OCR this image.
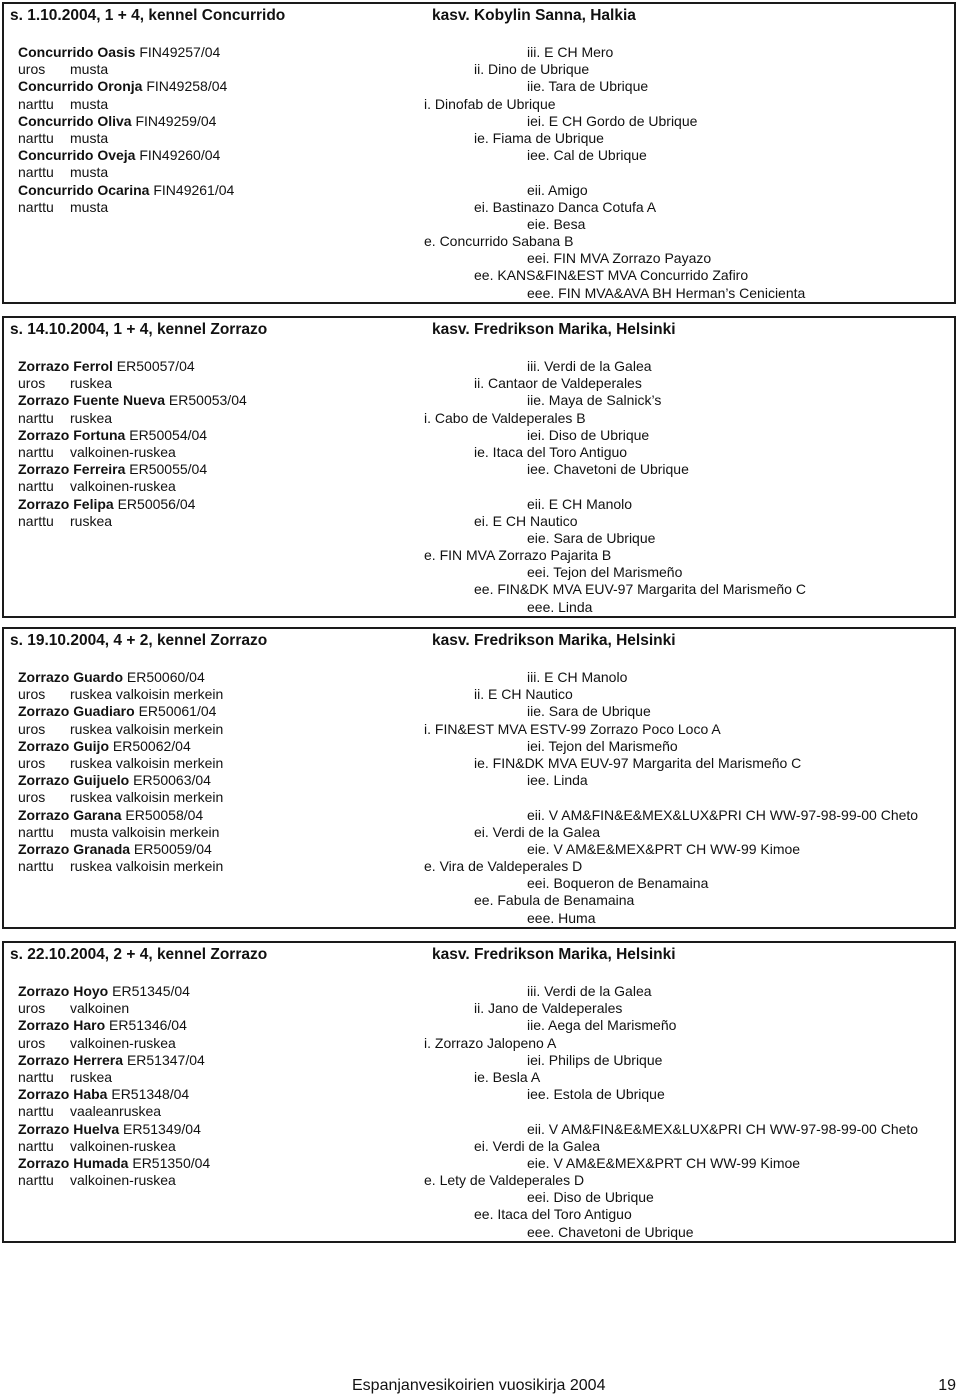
s. 1.10.2004, 1 + 4, kennel Concurrido	kasv. Kobylin Sanna, Halkia
Concurrido Oasis FIN49257/04
uros musta
Concurrido Oronja FIN49258/04
narttu musta
Concurrido Oliva FIN49259/04
narttu musta
Concurrido Oveja FIN49260/04
narttu musta
Concurrido Ocarina FIN49261/04
narttu musta
iii. E CH Mero
ii. Dino de Ubrique
iie. Tara de Ubrique
i. Dinofab de Ubrique
iei. E CH Gordo de Ubrique
ie. Fiama de Ubrique
iee. Cal de Ubrique
eii. Amigo
ei. Bastinazo Danca Cotufa A
eie. Besa
e. Concurrido Sabana B
eei. FIN MVA Zorrazo Payazo
ee. KANS&FIN&EST MVA Concurrido Zafiro
eee. FIN MVA&AVA BH Herman’s Cenicienta
s. 14.10.2004, 1 + 4, kennel Zorrazo	kasv. Fredrikson Marika, Helsinki
Zorrazo Ferrol ER50057/04
uros ruskea
Zorrazo Fuente Nueva ER50053/04
narttu ruskea
Zorrazo Fortuna ER50054/04
narttu valkoinen-ruskea
Zorrazo Ferreira ER50055/04
narttu valkoinen-ruskea
Zorrazo Felipa ER50056/04
narttu ruskea
iii. Verdi de la Galea
ii. Cantaor de Valdeperales
iie. Maya de Salnick’s
i. Cabo de Valdeperales B
iei. Diso de Ubrique
ie. Itaca del Toro Antiguo
iee. Chavetoni de Ubrique
eii. E CH Manolo
ei. E CH Nautico
eie. Sara de Ubrique
e. FIN MVA Zorrazo Pajarita B
eei. Tejon del Marismeño
ee. FIN&DK MVA EUV-97 Margarita del Marismeño C
eee. Linda
s. 19.10.2004, 4 + 2, kennel Zorrazo	kasv. Fredrikson Marika, Helsinki
Zorrazo Guardo ER50060/04
uros ruskea valkoisin merkein
Zorrazo Guadiaro ER50061/04
uros ruskea valkoisin merkein
Zorrazo Guijo ER50062/04
uros ruskea valkoisin merkein
Zorrazo Guijuelo ER50063/04
uros ruskea valkoisin merkein
Zorrazo Garana ER50058/04
narttu musta valkoisin merkein
Zorrazo Granada ER50059/04
narttu ruskea valkoisin merkein
iii. E CH Manolo
ii. E CH Nautico
iie. Sara de Ubrique
i. FIN&EST MVA ESTV-99 Zorrazo Poco Loco A
iei. Tejon del Marismeño
ie. FIN&DK MVA EUV-97 Margarita del Marismeño C
iee. Linda
eii. V AM&FIN&E&MEX&LUX&PRI CH WW-97-98-99-00 Cheto
ei. Verdi de la Galea
eie. V AM&E&MEX&PRT CH WW-99 Kimoe
e. Vira de Valdeperales D
eei. Boqueron de Benamaina
ee. Fabula de Benamaina
eee. Huma
s. 22.10.2004, 2 + 4, kennel Zorrazo	kasv. Fredrikson Marika, Helsinki
Zorrazo Hoyo ER51345/04
uros valkoinen
Zorrazo Haro ER51346/04
uros valkoinen-ruskea
Zorrazo Herrera ER51347/04
narttu ruskea
Zorrazo Haba ER51348/04
narttu vaaleanruskea
Zorrazo Huelva ER51349/04
narttu valkoinen-ruskea
Zorrazo Humada ER51350/04
narttu valkoinen-ruskea
iii. Verdi de la Galea
ii. Jano de Valdeperales
iie. Aega del Marismeño
i. Zorrazo Jalopeno A
iei. Philips de Ubrique
ie. Besla A
iee. Estola de Ubrique
eii. V AM&FIN&E&MEX&LUX&PRI CH WW-97-98-99-00 Cheto
ei. Verdi de la Galea
eie. V AM&E&MEX&PRT CH WW-99 Kimoe
e. Lety de Valdeperales D
eei. Diso de Ubrique
ee. Itaca del Toro Antiguo
eee. Chavetoni de Ubrique
Espanjanvesikoirien vuosikirja 2004	19
